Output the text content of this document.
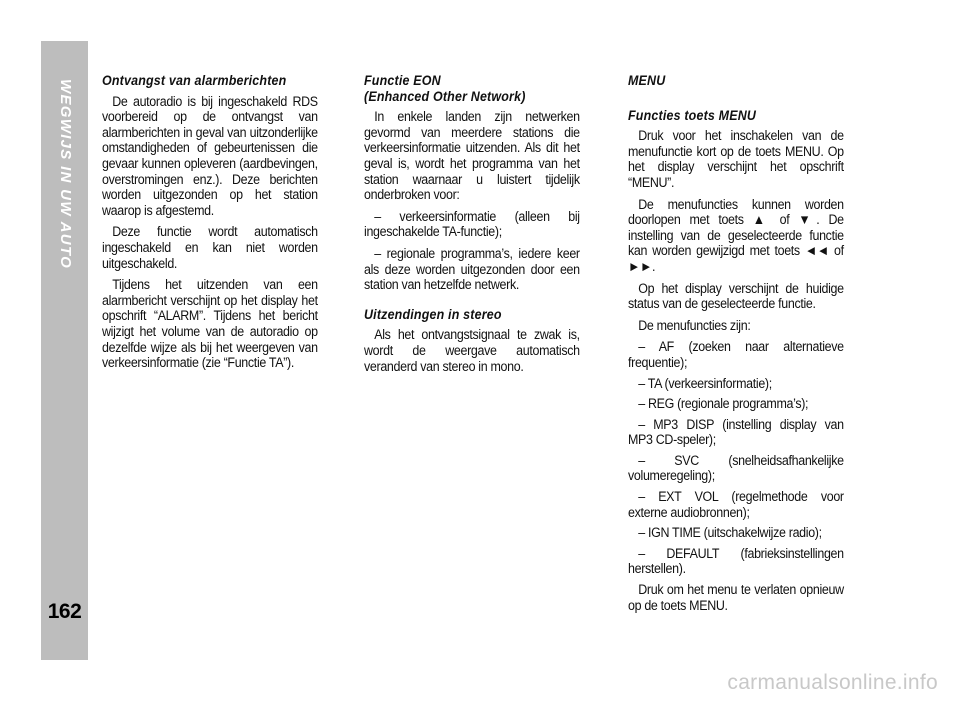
WEGWIJS IN UW AUTO
162
Ontvangst van alarmberichten

De autoradio is bij ingeschakeld RDS voorbereid op de ontvangst van alarmberichten in geval van uitzonderlijke omstandigheden of gebeurtenissen die gevaar kunnen opleveren (aardbevingen, overstromingen enz.). Deze berichten worden uitgezonden op het station waarop is afgestemd.

Deze functie wordt automatisch ingeschakeld en kan niet worden uitgeschakeld.

Tijdens het uitzenden van een alarmbericht verschijnt op het display het opschrift “ALARM”. Tijdens het bericht wijzigt het volume van de autoradio op dezelfde wijze als bij het weergeven van verkeersinformatie (zie “Functie TA”).

Functie EON
(Enhanced Other Network)

In enkele landen zijn netwerken gevormd van meerdere stations die verkeersinformatie uitzenden. Als dit het geval is, wordt het programma van het station waarnaar u luistert tijdelijk onderbroken voor:

– verkeersinformatie (alleen bij ingeschakelde TA-functie);

– regionale programma’s, iedere keer als deze worden uitgezonden door een station van hetzelfde netwerk.

Uitzendingen in stereo

Als het ontvangstsignaal te zwak is, wordt de weergave automatisch veranderd van stereo in mono.

MENU
Functies toets MENU

Druk voor het inschakelen van de menufunctie kort op de toets MENU. Op het display verschijnt het opschrift “MENU”.

De menufuncties kunnen worden doorlopen met toets ▲ of ▼. De instelling van de geselecteerde functie kan worden gewijzigd met toets ◄◄ of ►►.

Op het display verschijnt de huidige status van de geselecteerde functie.

De menufuncties zijn:

– AF (zoeken naar alternatieve frequentie);

– TA (verkeersinformatie);

– REG (regionale programma’s);

– MP3 DISP (instelling display van MP3 CD-speler);

– SVC (snelheidsafhankelijke volumeregeling);

– EXT VOL (regelmethode voor externe audiobronnen);

– IGN TIME (uitschakelwijze radio);

– DEFAULT (fabrieksinstellingen herstellen).

Druk om het menu te verlaten opnieuw op de toets MENU.

carmanualsonline.info
